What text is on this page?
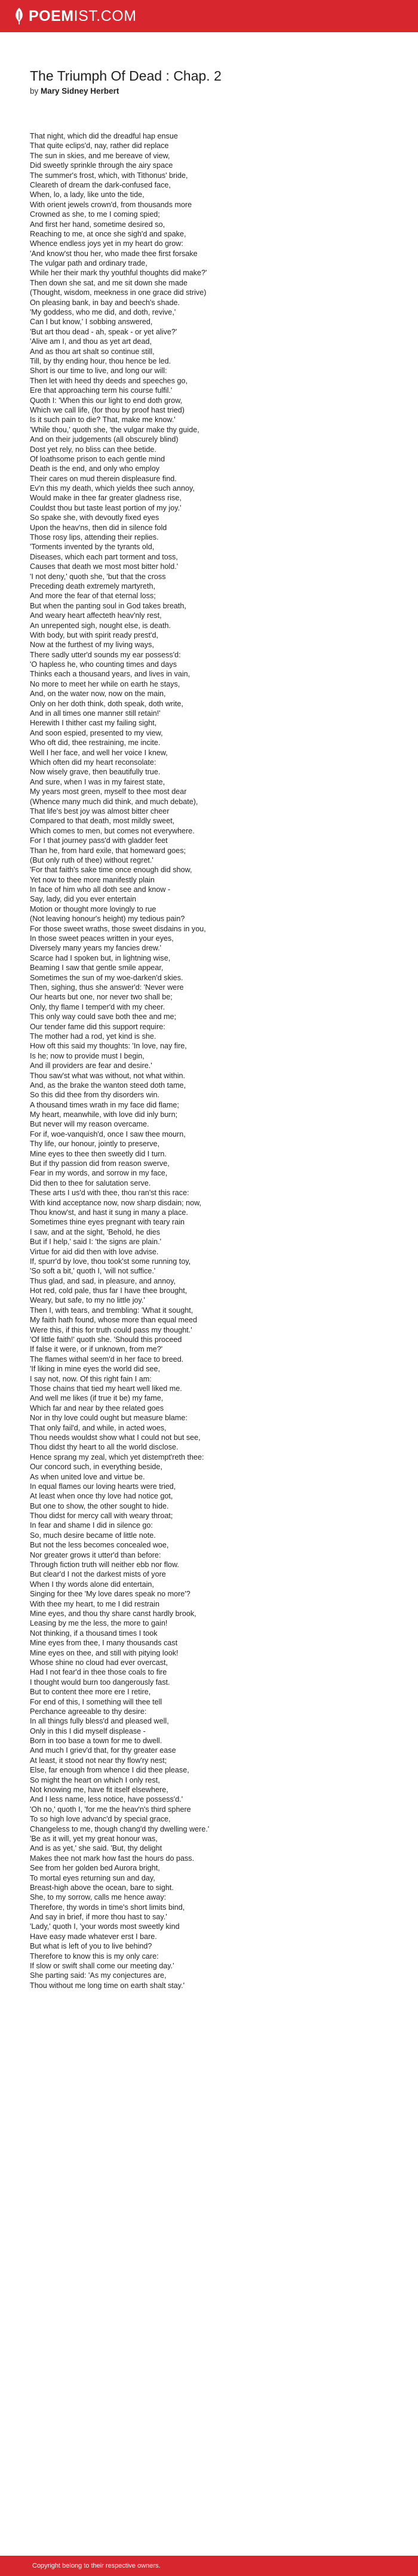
POEM IST.COM
The Triumph Of Dead : Chap. 2

by Mary Sidney Herbert

That night, which did the dreadful hap ensue
That quite eclips'd, nay, rather did replace
The sun in skies, and me bereave of view,
Did sweetly sprinkle through the airy space
The summer's frost, which, with Tithonus' bride,
Cleareth of dream the dark-confused face,
When, lo, a lady, like unto the tide,
With orient jewels crown'd, from thousands more
Crowned as she, to me I coming spied;
And first her hand, sometime desired so,
Reaching to me, at once she sigh'd and spake,
Whence endless joys yet in my heart do grow:
'And know'st thou her, who made thee first forsake
The vulgar path and ordinary trade,
While her their mark thy youthful thoughts did make?'
Then down she sat, and me sit down she made
(Thought, wisdom, meekness in one grace did strive)
On pleasing bank, in bay and beech's shade.
'My goddess, who me did, and doth, revive,'
Can I but know,' I sobbing answered,
'But art thou dead - ah, speak - or yet alive?'
'Alive am I, and thou as yet art dead,
And as thou art shalt so continue still,
Till, by thy ending hour, thou hence be led.
Short is our time to live, and long our will:
Then let with heed thy deeds and speeches go,
Ere that approaching term his course fulfil.'
Quoth I: 'When this our light to end doth grow,
Which we call life, (for thou by proof hast tried)
Is it such pain to die? That, make me know.'
'While thou,' quoth she, 'the vulgar make thy guide,
And on their judgements (all obscurely blind)
Dost yet rely, no bliss can thee betide.
Of loathsome prison to each gentle mind
Death is the end, and only who employ
Their cares on mud therein displeasure find.
Ev'n this my death, which yields thee such annoy,
Would make in thee far greater gladness rise,
Couldst thou but taste least portion of my joy.'
So spake she, with devoutly fixed eyes
Upon the heav'ns, then did in silence fold
Those rosy lips, attending their replies.
'Torments invented by the tyrants old,
Diseases, which each part torment and toss,
Causes that death we most most bitter hold.'
'I not deny,' quoth she, 'but that the cross
Preceding death extremely martyreth,
And more the fear of that eternal loss;
But when the panting soul in God takes breath,
And weary heart affecteth heav'nly rest,
An unrepented sigh, nought else, is death.
With body, but with spirit ready prest'd,
Now at the furthest of my living ways,
There sadly utter'd sounds my ear possess'd:
'O hapless he, who counting times and days
Thinks each a thousand years, and lives in vain,
No more to meet her while on earth he stays,
And, on the water now, now on the main,
Only on her doth think, doth speak, doth write,
And in all times one manner still retain!'
Herewith I thither cast my failing sight,
And soon espied, presented to my view,
Who oft did, thee restraining, me incite.
Well I her face, and well her voice I knew,
Which often did my heart reconsolate:
Now wisely grave, then beautifully true.
And sure, when I was in my fairest state,
My years most green, myself to thee most dear
(Whence many much did think, and much debate),
That life's best joy was almost bitter cheer
Compared to that death, most mildly sweet,
Which comes to men, but comes not everywhere.
For I that journey pass'd with gladder feet
Than he, from hard exile, that homeward goes;
(But only ruth of thee) without regret.'
'For that faith's sake time once enough did show,
Yet now to thee more manifestly plain
In face of him who all doth see and know -
Say, lady, did you ever entertain
Motion or thought more lovingly to rue
(Not leaving honour's height) my tedious pain?
For those sweet wraths, those sweet disdains in you,
In those sweet peaces written in your eyes,
Diversely many years my fancies drew.'
Scarce had I spoken but, in lightning wise,
Beaming I saw that gentle smile appear,
Sometimes the sun of my woe-darken'd skies.
Then, sighing, thus she answer'd: 'Never were
Our hearts but one, nor never two shall be;
Only, thy flame I temper'd with my cheer.
This only way could save both thee and me;
Our tender fame did this support require:
The mother had a rod, yet kind is she.
How oft this said my thoughts: 'In love, nay fire,
Is he; now to provide must I begin,
And ill providers are fear and desire.'
Thou saw'st what was without, not what within.
And, as the brake the wanton steed doth tame,
So this did thee from thy disorders win.
A thousand times wrath in my face did flame;
My heart, meanwhile, with love did inly burn;
But never will my reason overcame.
For if, woe-vanquish'd, once I saw thee mourn,
Thy life, our honour, jointly to preserve,
Mine eyes to thee then sweetly did I turn.
But if thy passion did from reason swerve,
Fear in my words, and sorrow in my face,
Did then to thee for salutation serve.
These arts I us'd with thee, thou ran'st this race:
With kind acceptance now, now sharp disdain; now,
Thou know'st, and hast it sung in many a place.
Sometimes thine eyes pregnant with teary rain
I saw, and at the sight, 'Behold, he dies
But if I help,' said I: 'the signs are plain.'
Virtue for aid did then with love advise.
If, spurr'd by love, thou took'st some running toy,
'So soft a bit,' quoth I, 'will not suffice.'
Thus glad, and sad, in pleasure, and annoy,
Hot red, cold pale, thus far I have thee brought,
Weary, but safe, to my no little joy.'
Then I, with tears, and trembling: 'What it sought,
My faith hath found, whose more than equal meed
Were this, if this for truth could pass my thought.'
'Of little faith!' quoth she. 'Should this proceed
If false it were, or if unknown, from me?'
The flames withal seem'd in her face to breed.
'If liking in mine eyes the world did see,
I say not, now. Of this right fain I am:
Those chains that tied my heart well liked me.
And well me likes (if true it be) my fame,
Which far and near by thee related goes
Nor in thy love could ought but measure blame:
That only fail'd, and while, in acted woes,
Thou needs wouldst show what I could not but see,
Thou didst thy heart to all the world disclose.
Hence sprang my zeal, which yet distempt'reth thee:
Our concord such, in everything beside,
As when united love and virtue be.
In equal flames our loving hearts were tried,
At least when once thy love had notice got,
But one to show, the other sought to hide.
Thou didst for mercy call with weary throat;
In fear and shame I did in silence go:
So, much desire became of little note.
But not the less becomes concealed woe,
Nor greater grows it utter'd than before:
Through fiction truth will neither ebb nor flow.
But clear'd I not the darkest mists of yore
When I thy words alone did entertain,
Singing for thee 'My love dares speak no more'?
With thee my heart, to me I did restrain
Mine eyes, and thou thy share canst hardly brook,
Leasing by me the less, the more to gain!
Not thinking, if a thousand times I took
Mine eyes from thee, I many thousands cast
Mine eyes on thee, and still with pitying look!
Whose shine no cloud had ever overcast,
Had I not fear'd in thee those coals to fire
I thought would burn too dangerously fast.
But to content thee more ere I retire,
For end of this, I something will thee tell
Perchance agreeable to thy desire:
In all things fully bless'd and pleased well,
Only in this I did myself displease -
Born in too base a town for me to dwell.
And much I griev'd that, for thy greater ease
At least, it stood not near thy flow'ry nest;
Else, far enough from whence I did thee please,
So might the heart on which I only rest,
Not knowing me, have fit itself elsewhere,
And I less name, less notice, have possess'd.'
'Oh no,' quoth I, 'for me the heav'n's third sphere
To so high love advanc'd by special grace,
Changeless to me, though chang'd thy dwelling were.'
'Be as it will, yet my great honour was,
And is as yet,' she said. 'But, thy delight
Makes thee not mark how fast the hours do pass.
See from her golden bed Aurora bright,
To mortal eyes returning sun and day,
Breast-high above the ocean, bare to sight.
She, to my sorrow, calls me hence away:
Therefore, thy words in time's short limits bind,
And say in brief, if more thou hast to say.'
'Lady,' quoth I, 'your words most sweetly kind
Have easy made whatever erst I bare.
But what is left of you to live behind?
Therefore to know this is my only care:
If slow or swift shall come our meeting day.'
She parting said: 'As my conjectures are,
Thou without me long time on earth shalt stay.'
Copyright belong to their respective owners.
